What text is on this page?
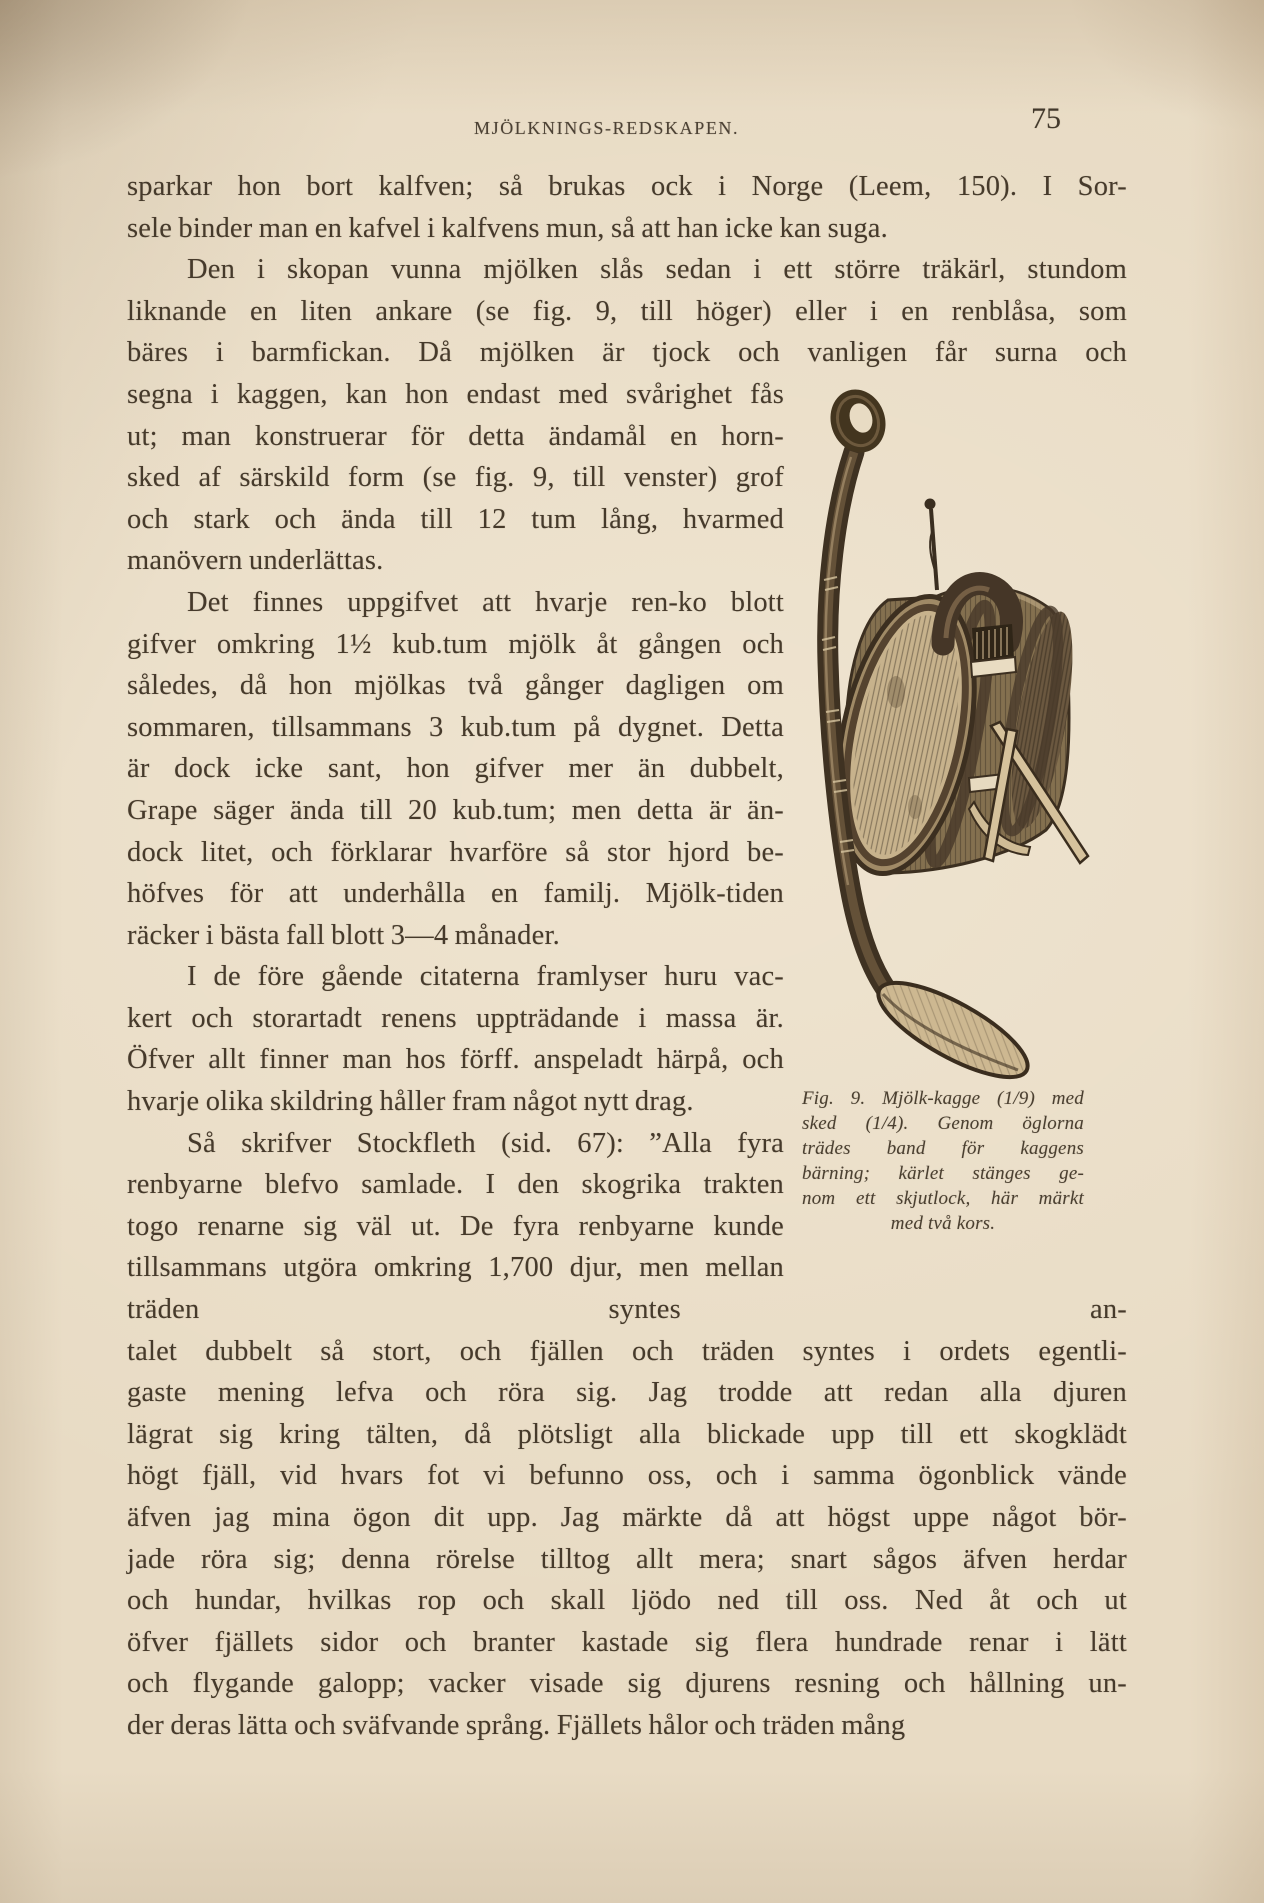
MJÖLKNINGS-REDSKAPEN.	75
sparkar hon bort kalfven; så brukas ock i Norge (Leem, 150). I Sor-
sele binder man en kafvel i kalfvens mun, så att han icke kan suga.
Den i skopan vunna mjölken slås sedan i ett större träkärl, stundom
liknande en liten ankare (se fig. 9, till höger) eller i en renblåsa, som
bäres i barmfickan. Då mjölken är tjock och vanligen får surna och
Fig. 9. Mjölk-kagge (1/9) med
sked (1/4). Genom öglorna
trädes band för kaggens
bärning; kärlet stänges ge-
nom ett skjutlock, här märkt
med två kors.
segna i kaggen, kan hon endast med svårighet fås
ut; man konstruerar för detta ändamål en horn-
sked af särskild form (se fig. 9, till venster) grof
och stark och ända till 12 tum lång, hvarmed
manövern underlättas.
Det finnes uppgifvet att hvarje ren-ko blott
gifver omkring 1½ kub.tum mjölk åt gången och
således, då hon mjölkas två gånger dagligen om
sommaren, tillsammans 3 kub.tum på dygnet. Detta
är dock icke sant, hon gifver mer än dubbelt,
Grape säger ända till 20 kub.tum; men detta är än-
dock litet, och förklarar hvarföre så stor hjord be-
höfves för att underhålla en familj. Mjölk-tiden
räcker i bästa fall blott 3—4 månader.
I de före gående citaterna framlyser huru vac-
kert och storartadt renens uppträdande i massa är.
Öfver allt finner man hos förff. anspeladt härpå, och
hvarje olika skildring håller fram något nytt drag.
Så skrifver Stockfleth (sid. 67): ”Alla fyra
renbyarne blefvo samlade. I den skogrika trakten
togo renarne sig väl ut. De fyra renbyarne kunde
tillsammans utgöra omkring 1,700 djur, men mellan träden syntes an-
talet dubbelt så stort, och fjällen och träden syntes i ordets egentli-
gaste mening lefva och röra sig. Jag trodde att redan alla djuren
lägrat sig kring tälten, då plötsligt alla blickade upp till ett skogklädt
högt fjäll, vid hvars fot vi befunno oss, och i samma ögonblick vände
äfven jag mina ögon dit upp. Jag märkte då att högst uppe något bör-
jade röra sig; denna rörelse tilltog allt mera; snart sågos äfven herdar
och hundar, hvilkas rop och skall ljödo ned till oss. Ned åt och ut
öfver fjällets sidor och branter kastade sig flera hundrade renar i lätt
och flygande galopp; vacker visade sig djurens resning och hållning un-
der deras lätta och sväfvande språng. Fjällets hålor och träden mång
